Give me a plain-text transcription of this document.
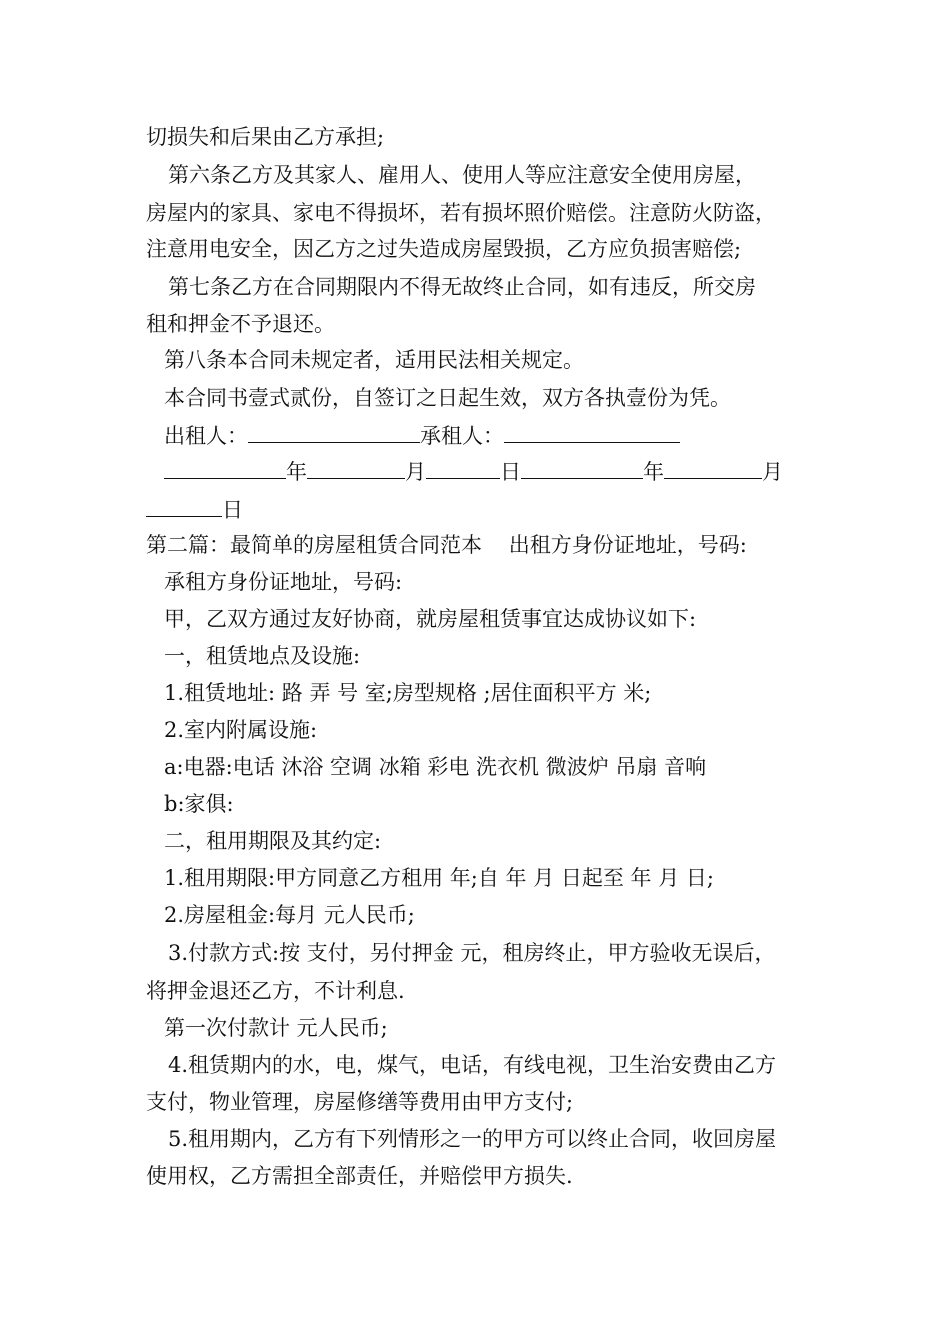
切损失和后果由乙方承担;
第六条乙方及其家人、雇用人、使用人等应注意安全使用房屋，
房屋内的家具、家电不得损坏，若有损坏照价赔偿。注意防火防盗，
注意用电安全，因乙方之过失造成房屋毁损，乙方应负损害赔偿;
第七条乙方在合同期限内不得无故终止合同，如有违反，所交房
租和押金不予退还。
第八条本合同未规定者，适用民法相关规定。
本合同书壹式贰份，自签订之日起生效，双方各执壹份为凭。
出租人：	承租人：
年	月	日	年	月
日
第二篇：最简单的房屋租赁合同范本    出租方身份证地址，号码:
承租方身份证地址，号码:
甲，乙双方通过友好协商，就房屋租赁事宜达成协议如下:
一，租赁地点及设施:
1.租赁地址: 路 弄 号 室;房型规格 ;居住面积平方 米;
2.室内附属设施:
a:电器:电话 沐浴 空调 冰箱 彩电 洗衣机 微波炉 吊扇 音响
b:家俱:
二，租用期限及其约定:
1.租用期限:甲方同意乙方租用 年;自 年 月 日起至 年 月 日;
2.房屋租金:每月 元人民币;
3.付款方式:按 支付，另付押金 元，租房终止，甲方验收无误后，
将押金退还乙方，不计利息.
第一次付款计 元人民币;
4.租赁期内的水，电，煤气，电话，有线电视，卫生治安费由乙方
支付，物业管理，房屋修缮等费用由甲方支付;
5.租用期内，乙方有下列情形之一的甲方可以终止合同，收回房屋
使用权，乙方需担全部责任，并赔偿甲方损失.
